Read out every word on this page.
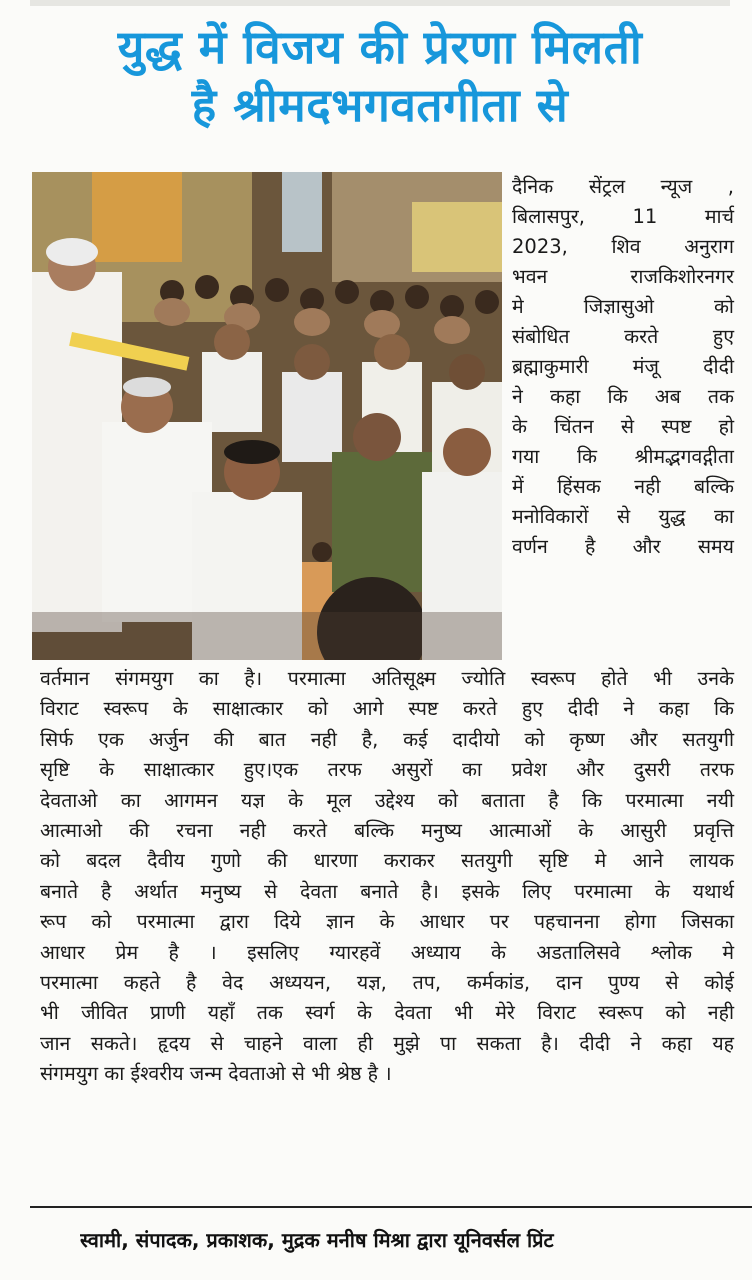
युद्ध में विजय की प्रेरणा मिलती
है श्रीमदभगवतगीता से
दैनिक सेंट्रल न्यूज ,
बिलासपुर, 11 मार्च
2023, शिव अनुराग
भवन राजकिशोरनगर
मे जिज्ञासुओ को
संबोधित करते हुए
ब्रह्माकुमारी मंजू दीदी
ने कहा कि अब तक
के चिंतन से स्पष्ट हो
गया कि श्रीमद्भगवद्गीता
में हिंसक नही बल्कि
मनोविकारों से युद्ध का
वर्णन है और समय
वर्तमान संगमयुग का है। परमात्मा अतिसूक्ष्म ज्योति स्वरूप होते भी उनके
विराट स्वरूप के साक्षात्कार को आगे स्पष्ट करते हुए दीदी ने कहा कि
सिर्फ एक अर्जुन की बात नही है, कई दादीयो को कृष्ण और सतयुगी
सृष्टि के साक्षात्कार हुए।एक तरफ असुरों का प्रवेश और दुसरी तरफ
देवताओ का आगमन यज्ञ के मूल उद्देश्य को बताता है कि परमात्मा नयी
आत्माओ की रचना नही करते बल्कि मनुष्य आत्माओं के आसुरी प्रवृत्ति
को बदल दैवीय गुणो की धारणा कराकर सतयुगी सृष्टि मे आने लायक
बनाते है अर्थात मनुष्य से देवता बनाते है। इसके लिए परमात्मा के यथार्थ
रूप को परमात्मा द्वारा दिये ज्ञान के आधार पर पहचानना होगा जिसका
आधार प्रेम है । इसलिए ग्यारहवें अध्याय के अडतालिसवे श्लोक मे
परमात्मा कहते है वेद अध्ययन, यज्ञ, तप, कर्मकांड, दान पुण्य से कोई
भी जीवित प्राणी यहाँ तक स्वर्ग के देवता भी मेरे विराट स्वरूप को नही
जान सकते। हृदय से चाहने वाला ही मुझे पा सकता है। दीदी ने कहा यह
संगमयुग का ईश्वरीय जन्म देवताओ से भी श्रेष्ठ है ।
स्वामी, संपादक, प्रकाशक, मुद्रक मनीष मिश्रा द्वारा यूनिवर्सल प्रिंट
